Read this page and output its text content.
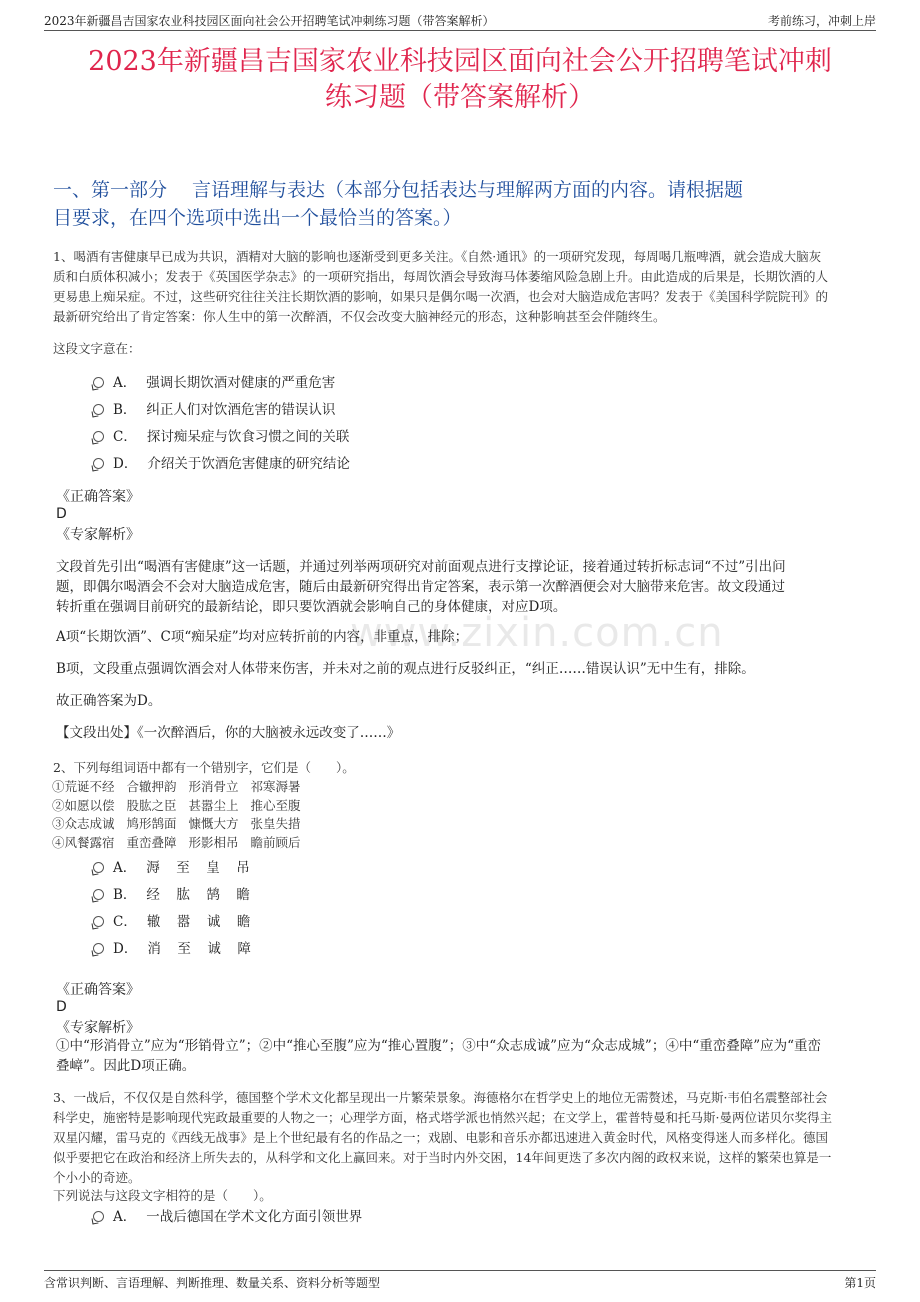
2023年新疆昌吉国家农业科技园区面向社会公开招聘笔试冲刺练习题（带答案解析）	考前练习，冲刺上岸
www.zixin.com.cn
2023年新疆昌吉国家农业科技园区面向社会公开招聘笔试冲刺
练习题（带答案解析）
一、第一部分　 言语理解与表达（本部分包括表达与理解两方面的内容。请根据题
目要求，在四个选项中选出一个最恰当的答案。）
1、喝酒有害健康早已成为共识，酒精对大脑的影响也逐渐受到更多关注。《自然·通讯》的一项研究发现，每周喝几瓶啤酒，就会造成大脑灰
质和白质体积减小；发表于《英国医学杂志》的一项研究指出，每周饮酒会导致海马体萎缩风险急剧上升。由此造成的后果是，长期饮酒的人
更易患上痴呆症。不过，这些研究往往关注长期饮酒的影响，如果只是偶尔喝一次酒，也会对大脑造成危害吗？发表于《美国科学院院刊》的
最新研究给出了肯定答案：你人生中的第一次醉酒，不仅会改变大脑神经元的形态，这种影响甚至会伴随终生。
这段文字意在：
A． 强调长期饮酒对健康的严重危害
B． 纠正人们对饮酒危害的错误认识
C． 探讨痴呆症与饮食习惯之间的关联
D． 介绍关于饮酒危害健康的研究结论
《正确答案》
D
《专家解析》
文段首先引出“喝酒有害健康”这一话题，并通过列举两项研究对前面观点进行支撑论证，接着通过转折标志词“不过”引出问
题，即偶尔喝酒会不会对大脑造成危害，随后由最新研究得出肯定答案，表示第一次醉酒便会对大脑带来危害。故文段通过
转折重在强调目前研究的最新结论，即只要饮酒就会影响自己的身体健康，对应D项。
A项“长期饮酒”、C项“痴呆症”均对应转折前的内容，非重点，排除；
B项，文段重点强调饮酒会对人体带来伤害，并未对之前的观点进行反驳纠正，“纠正……错误认识”无中生有，排除。
故正确答案为D。
【文段出处】《一次醉酒后，你的大脑被永远改变了……》
2、下列每组词语中都有一个错别字，它们是（　　）。
①荒诞不经 合辙押韵 形消骨立 祁寒溽暑
②如愿以偿 股肱之臣 甚嚣尘上 推心至腹
③众志成诚 鸠形鹄面 慷慨大方 张皇失措
④风餐露宿 重峦叠障 形影相吊 瞻前顾后
A． 溽 至 皇 吊
B． 经 肱 鹄 瞻
C． 辙 嚣 诚 瞻
D． 消 至 诚 障
《正确答案》
D
《专家解析》
①中“形消骨立”应为“形销骨立”；②中“推心至腹”应为“推心置腹”；③中“众志成诚”应为“众志成城”；④中“重峦叠障”应为“重峦
叠嶂”。因此D项正确。
3、一战后，不仅仅是自然科学，德国整个学术文化都呈现出一片繁荣景象。海德格尔在哲学史上的地位无需赘述，马克斯·韦伯名震整部社会
科学史，施密特是影响现代宪政最重要的人物之一；心理学方面，格式塔学派也悄然兴起；在文学上，霍普特曼和托马斯·曼两位诺贝尔奖得主
双星闪耀，雷马克的《西线无战事》是上个世纪最有名的作品之一；戏剧、电影和音乐亦都迅速进入黄金时代，风格变得迷人而多样化。德国
似乎要把它在政治和经济上所失去的，从科学和文化上赢回来。对于当时内外交困，14年间更迭了多次内阁的政权来说，这样的繁荣也算是一
个小小的奇迹。
下列说法与这段文字相符的是（　　）。
A． 一战后德国在学术文化方面引领世界
含常识判断、言语理解、判断推理、数量关系、资料分析等题型	第1页
